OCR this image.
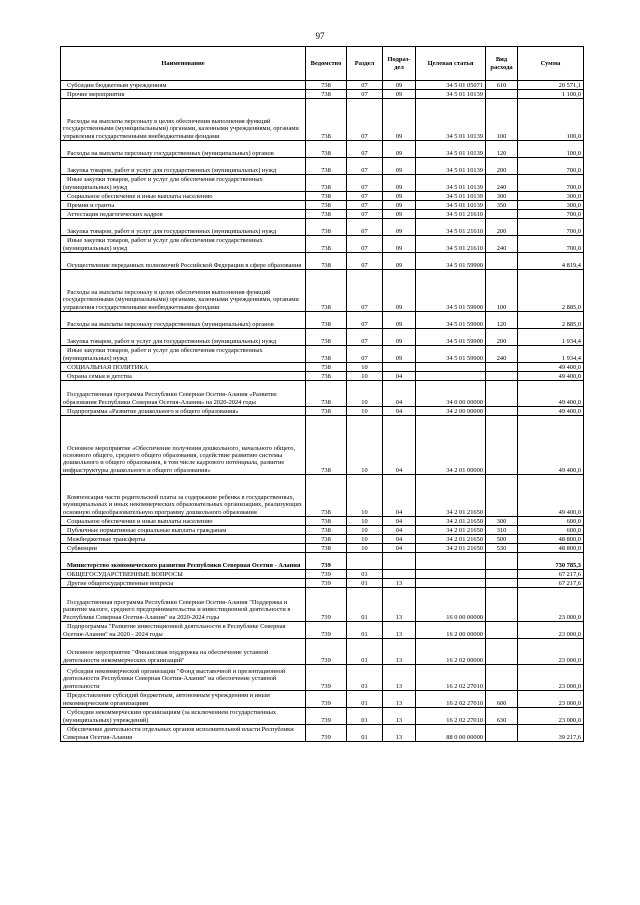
97
Наименование	Ведомство	Раздел	Подраз-дел	Целевая статья	Вид расхода	Сумма
Субсидии бюджетным учреждениям	738	07	09	34 5 01 05071	610	20 571,1
Прочие мероприятия	738	07	09	34 5 01 10139		1 100,0
Расходы на выплаты персоналу в целях обеспечения выполнения функций государственными (муниципальными) органами, казенными учреждениями, органами управления государственными внебюджетными фондами	738	07	09	34 5 01 10139	100	100,0
Расходы на выплаты персоналу государственных (муниципальных) органов	738	07	09	34 5 01 10139	120	100,0
Закупка товаров, работ и услуг для государственных (муниципальных) нужд	738	07	09	34 5 01 10139	200	700,0
Иные закупки товаров, работ и услуг для обеспечения государственных (муниципальных) нужд	738	07	09	34 5 01 10139	240	700,0
Социальное обеспечение и иные выплаты населению	738	07	09	34 5 01 10139	300	300,0
Премии и гранты	738	07	09	34 5 01 10139	350	300,0
Аттестация педагогических кадров	738	07	09	34 5 01 21610		700,0
Закупка товаров, работ и услуг для государственных (муниципальных) нужд	738	07	09	34 5 01 21610	200	700,0
Иные закупки товаров, работ и услуг для обеспечения государственных (муниципальных) нужд	738	07	09	34 5 01 21610	240	700,0
Осуществление переданных полномочий Российской Федерации в сфере образования	738	07	09	34 5 01 59900		4 819,4
Расходы на выплаты персоналу в целях обеспечения выполнения функций государственными (муниципальными) органами, казенными учреждениями, органами управления государственными внебюджетными фондами	738	07	09	34 5 01 59900	100	2 885,0
Расходы на выплаты персоналу государственных (муниципальных) органов	738	07	09	34 5 01 59900	120	2 885,0
Закупка товаров, работ и услуг для государственных (муниципальных) нужд	738	07	09	34 5 01 59900	200	1 934,4
Иные закупки товаров, работ и услуг для обеспечения государственных (муниципальных) нужд	738	07	09	34 5 01 59900	240	1 934,4
СОЦИАЛЬНАЯ ПОЛИТИКА	738	10				49 400,0
Охрана семьи и детства	738	10	04			49 400,0
Государственная программа Республики Северная Осетия-Алания «Развитие образования Республики Северная Осетия-Алания» на 2020-2024 годы	738	10	04	34 0 00 00000		49 400,0
Подпрограмма «Развитие дошкольного и общего образования»	738	10	04	34 2 00 00000		49 400,0
Основное мероприятие «Обеспечение получения дошкольного, начального общего, основного общего, среднего общего образования, содействие развитию системы дошкольного и общего образования, в том числе кадрового потенциала, развитие инфраструктуры дошкольного и общего образования»	738	10	04	34 2 01 00000		49 400,0
Компенсация части родительской платы за содержание ребенка в государственных, муниципальных и иных некоммерческих образовательных организациях, реализующих основную общеобразовательную программу дошкольного образования	738	10	04	34 2 01 21650		49 400,0
Социальное обеспечение и иные выплаты населению	738	10	04	34 2 01 21650	300	600,0
Публичные нормативные социальные выплаты гражданам	738	10	04	34 2 01 21650	310	600,0
Межбюджетные трансферты	738	10	04	34 2 01 21650	500	48 800,0
Субвенции	738	10	04	34 2 01 21650	530	48 800,0
Министерство экономического развития Республики Северная Осетия - Алания	739					730 785,3
ОБЩЕГОСУДАРСТВЕННЫЕ ВОПРОСЫ	739	01				67 217,6
Другие общегосударственные вопросы	739	01	13			67 217,6
Государственная программа Республики Северная Осетия-Алания "Поддержка и развитие малого, среднего предпринимательства и инвестиционной деятельности в Республике Северная Осетия-Алания" на 2020-2024 годы	739	01	13	16 0 00 00000		23 000,0
Подпрограмма "Развитие инвестиционной деятельности в Республике Северная Осетия-Алания" на 2020 - 2024 годы	739	01	13	16 2 00 00000		23 000,0
Основное мероприятие "Финансовая поддержка на обеспечение уставной деятельности некоммерческих организаций"	739	01	13	16 2 02 00000		23 000,0
Субсидия некоммерческой организации "Фонд выставочной и презентационной деятельности Республики Северная Осетия-Алания" на обеспечение уставной деятельности	739	01	13	16 2 02 27010		23 000,0
Предоставление субсидий бюджетным, автономным учреждениям и иным некоммерческим организациям	739	01	13	16 2 02 27010	600	23 000,0
Субсидии некоммерческим организациям (за исключением государственных (муниципальных) учреждений)	739	01	13	16 2 02 27010	630	23 000,0
Обеспечение деятельности отдельных органов исполнительной власти Республики Северная Осетия-Алания	739	01	13	88 0 00 00000		39 217,6
